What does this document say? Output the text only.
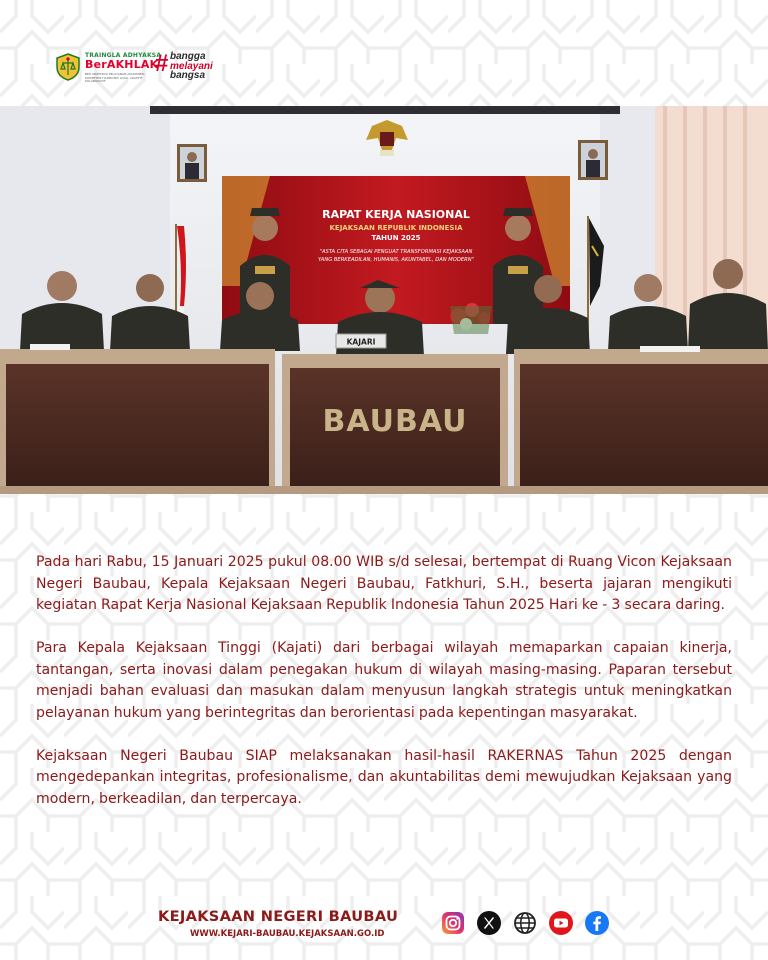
TRAINGLA ADHYAKSA
BerAKHLAK
BER ORIENTASI PELAYANAN AKUNTABEL KOMPETEN HARMONIS LOYAL ADAPTIF KOLABORATIF
# bangga
melayani
bangsa
RAPAT KERJA NASIONAL
KEJAKSAAN REPUBLIK INDONESIA
TAHUN 2025
"ASTA CITA SEBAGAI PENGUAT TRANSFORMASI KEJAKSAAN
YANG BERKEADILAN, HUMANIS, AKUNTABEL, DAN MODERN"
KAJARI
BAUBAU

Pada hari Rabu, 15 Januari 2025 pukul 08.00 WIB s/d selesai, bertempat di Ruang Vicon Kejaksaan Negeri Baubau, Kepala Kejaksaan Negeri Baubau, Fatkhuri, S.H., beserta jajaran mengikuti kegiatan Rapat Kerja Nasional Kejaksaan Republik Indonesia Tahun 2025 Hari ke - 3 secara daring.

Para Kepala Kejaksaan Tinggi (Kajati) dari berbagai wilayah memaparkan capaian kinerja, tantangan, serta inovasi dalam penegakan hukum di wilayah masing-masing. Paparan tersebut menjadi bahan evaluasi dan masukan dalam menyusun langkah strategis untuk meningkatkan pelayanan hukum yang berintegritas dan berorientasi pada kepentingan masyarakat.

Kejaksaan Negeri Baubau SIAP melaksanakan hasil-hasil RAKERNAS Tahun 2025 dengan mengedepankan integritas, profesionalisme, dan akuntabilitas demi mewujudkan Kejaksaan yang modern, berkeadilan, dan terpercaya.

KEJAKSAAN NEGERI BAUBAU
WWW.KEJARI-BAUBAU.KEJAKSAAN.GO.ID
